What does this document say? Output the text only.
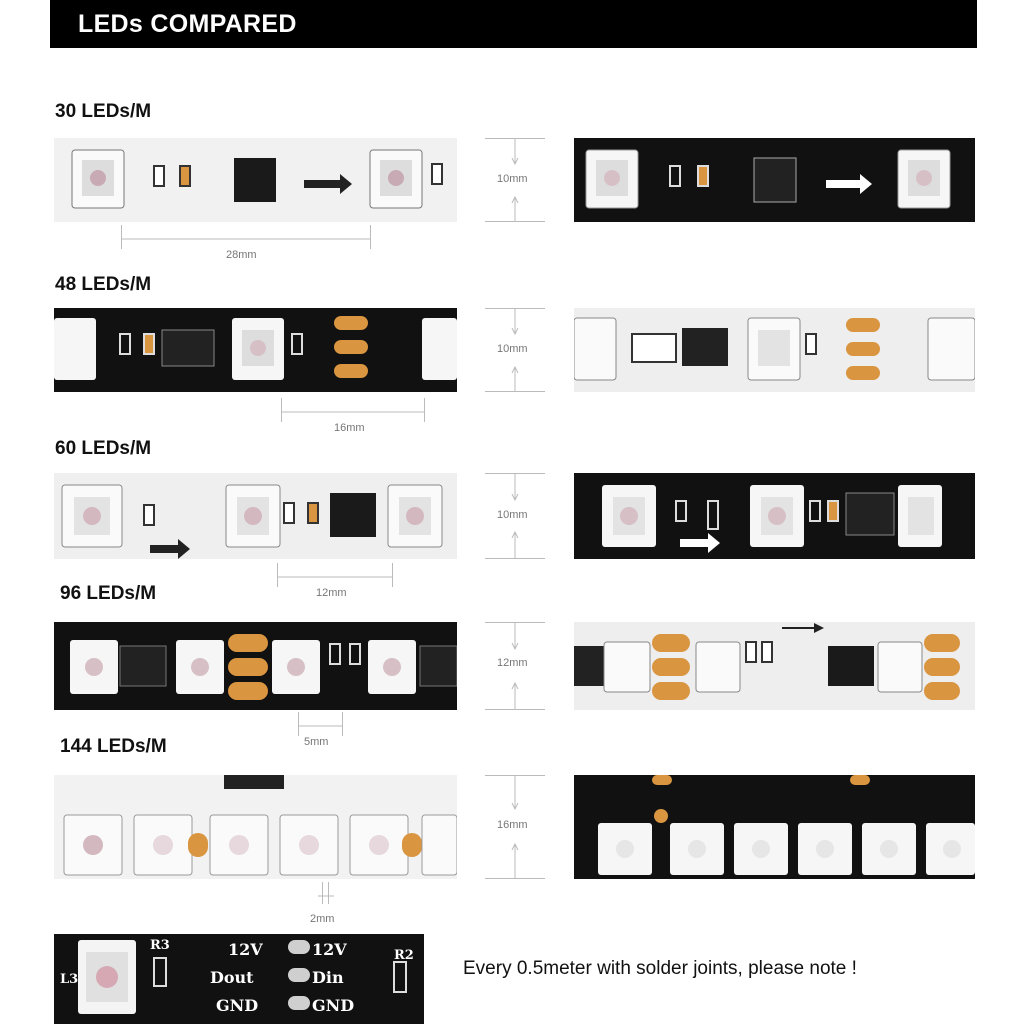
LEDs COMPARED
30 LEDs/M
48 LEDs/M
60 LEDs/M
96 LEDs/M
144 LEDs/M
10mm
10mm
10mm
12mm
16mm
28mm
16mm
12mm
5mm
2mm
L3
R3
R2
12V
Dout
GND
12V
Din
GND
Every 0.5meter with solder joints, please note !
